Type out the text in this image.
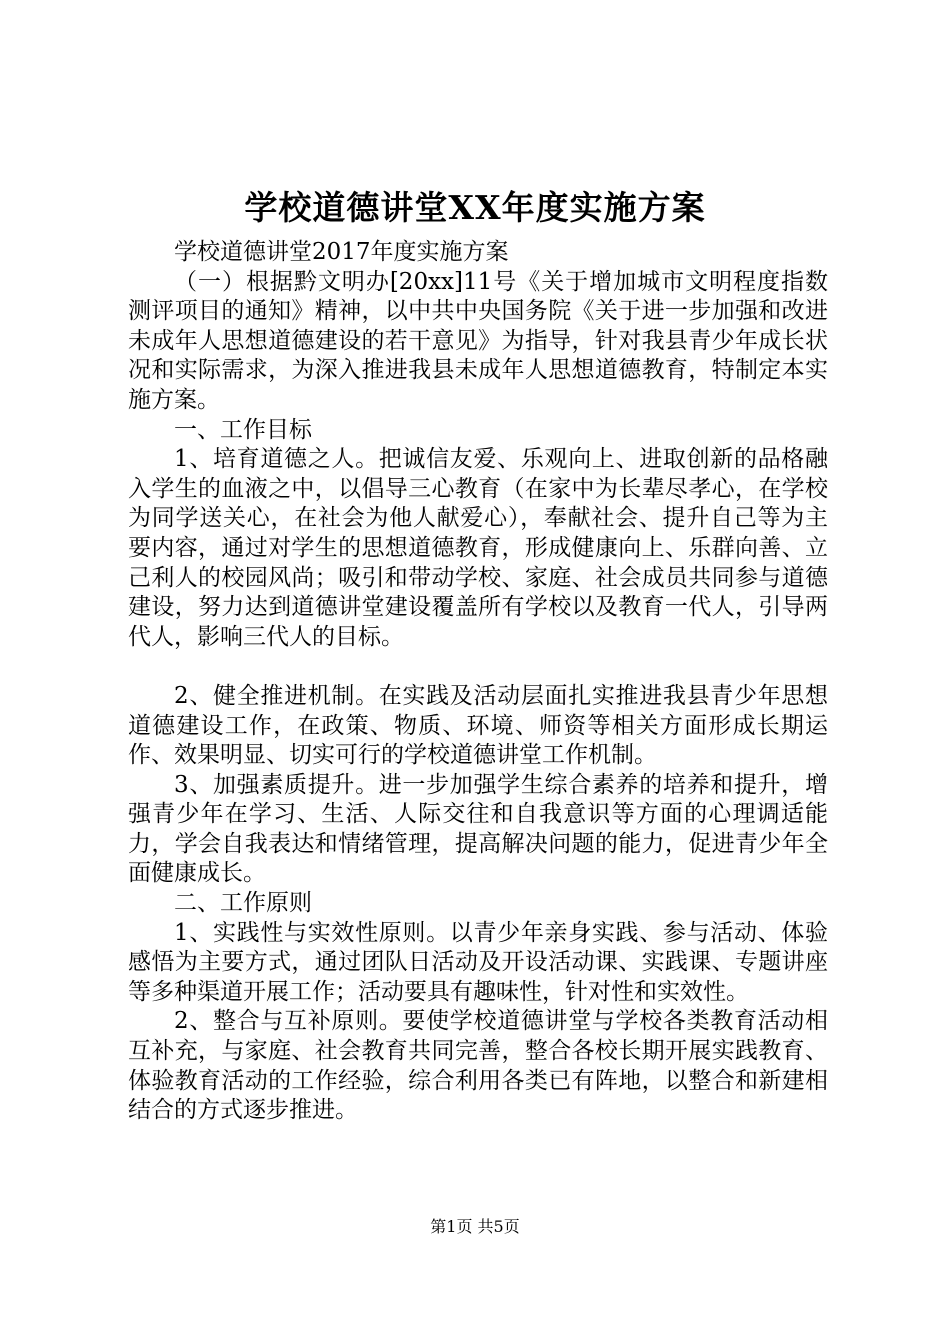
学校道德讲堂XX年度实施方案

学校道德讲堂2017年度实施方案

（一）根据黔文明办[20xx]11号《关于增加城市文明程度指数测评项目的通知》精神，以中共中央国务院《关于进一步加强和改进未成年人思想道德建设的若干意见》为指导，针对我县青少年成长状况和实际需求，为深入推进我县未成年人思想道德教育，特制定本实施方案。

一、工作目标

1、培育道德之人。把诚信友爱、乐观向上、进取创新的品格融入学生的血液之中，以倡导三心教育（在家中为长辈尽孝心，在学校为同学送关心，在社会为他人献爱心），奉献社会、提升自己等为主要内容，通过对学生的思想道德教育，形成健康向上、乐群向善、立己利人的校园风尚；吸引和带动学校、家庭、社会成员共同参与道德建设，努力达到道德讲堂建设覆盖所有学校以及教育一代人，引导两代人，影响三代人的目标。

2、健全推进机制。在实践及活动层面扎实推进我县青少年思想道德建设工作，在政策、物质、环境、师资等相关方面形成长期运作、效果明显、切实可行的学校道德讲堂工作机制。

3、加强素质提升。进一步加强学生综合素养的培养和提升，增强青少年在学习、生活、人际交往和自我意识等方面的心理调适能力，学会自我表达和情绪管理，提高解决问题的能力，促进青少年全面健康成长。

二、工作原则

1、实践性与实效性原则。以青少年亲身实践、参与活动、体验感悟为主要方式，通过团队日活动及开设活动课、实践课、专题讲座等多种渠道开展工作；活动要具有趣味性，针对性和实效性。

2、整合与互补原则。要使学校道德讲堂与学校各类教育活动相互补充，与家庭、社会教育共同完善，整合各校长期开展实践教育、体验教育活动的工作经验，综合利用各类已有阵地，以整合和新建相结合的方式逐步推进。

第1页 共5页
